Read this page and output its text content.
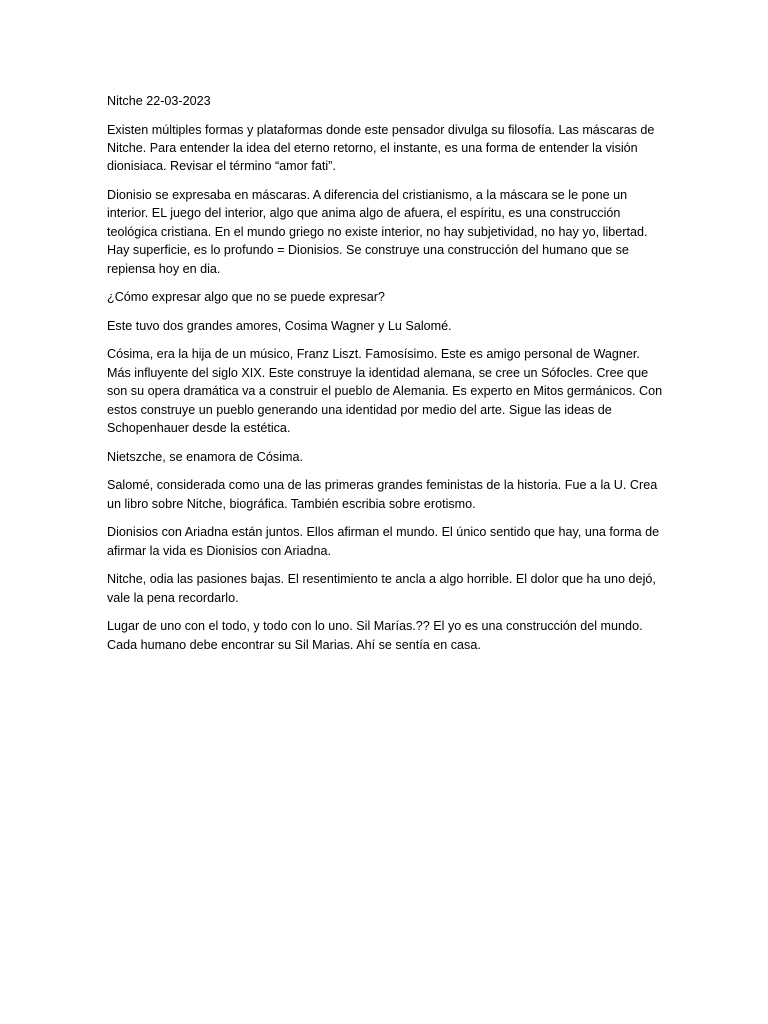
Nitche 22-03-2023

Existen múltiples formas y plataformas donde este pensador divulga su filosofía. Las máscaras de Nitche. Para entender la idea del eterno retorno, el instante, es una forma de entender la visión dionisiaca. Revisar el término “amor fati”.

Dionisio se expresaba en máscaras. A diferencia del cristianismo, a la máscara se le pone un interior. EL juego del interior, algo que anima algo de afuera, el espíritu, es una construcción teológica cristiana. En el mundo griego no existe interior, no hay subjetividad, no hay yo, libertad. Hay superficie, es lo profundo = Dionisios. Se construye una construcción del humano que se repiensa hoy en dia.

¿Cómo expresar algo que no se puede expresar?

Este tuvo dos grandes amores, Cosima Wagner y Lu Salomé.

Cósima, era la hija de un músico, Franz Liszt. Famosísimo. Este es amigo personal de Wagner. Más influyente del siglo XIX. Este construye la identidad alemana, se cree un Sófocles. Cree que son su opera dramática va a construir el pueblo de Alemania. Es experto en Mitos germánicos. Con estos construye un pueblo generando una identidad por medio del arte. Sigue las ideas de Schopenhauer desde la estética.

Nietszche, se enamora de Cósima.

Salomé, considerada como una de las primeras grandes feministas de la historia. Fue a la U. Crea un libro sobre Nitche, biográfica. También escribia sobre erotismo.

Dionisios con Ariadna están juntos. Ellos afirman el mundo. El único sentido que hay, una forma de afirmar la vida es Dionisios con Ariadna.

Nitche, odia las pasiones bajas. El resentimiento te ancla a algo horrible. El dolor que ha uno dejó, vale la pena recordarlo.

Lugar de uno con el todo, y todo con lo uno. Sil Marías.?? El yo es una construcción del mundo. Cada humano debe encontrar su Sil Marias. Ahí se sentía en casa.
